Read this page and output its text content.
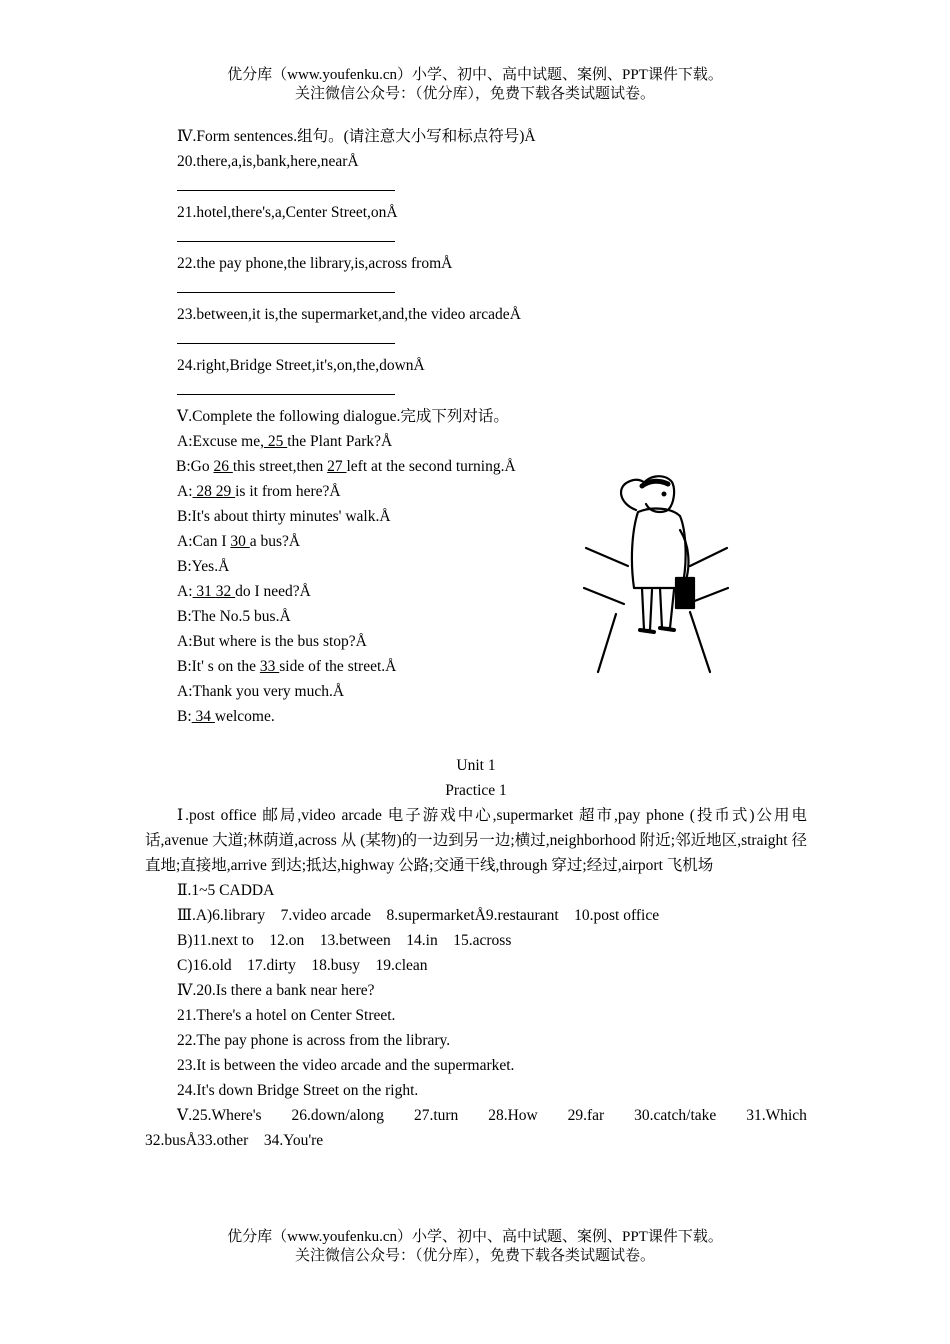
优分库（www.youfenku.cn）小学、初中、高中试题、案例、PPT课件下载。
关注微信公众号：（优分库），免费下载各类试题试卷。
Ⅳ.Form sentences.组句。(请注意大小写和标点符号)Å
20.there,a,is,bank,here,nearÅ
21.hotel,there's,a,Center Street,onÅ
22.the pay phone,the library,is,across fromÅ
23.between,it is,the supermarket,and,the video arcadeÅ
24.right,Bridge Street,it's,on,the,downÅ
Ⅴ.Complete the following dialogue.完成下列对话。
A:Excuse me, 25 the Plant Park?Å
B:Go 26 this street,then 27 left at the second turning.Å
A: 28 29 is it from here?Å
B:It's about thirty minutes' walk.Å
A:Can I 30 a bus?Å
B:Yes.Å
A: 31 32 do I need?Å
B:The No.5 bus.Å
A:But where is the bus stop?Å
B:It' s on the 33 side of the street.Å
A:Thank you very much.Å
B: 34 welcome.
Unit 1
Practice 1
Ⅰ.post office 邮局,video arcade 电子游戏中心,supermarket 超市,pay phone (投币式)公用电话,avenue 大道;林荫道,across 从 (某物)的一边到另一边;横过,neighborhood 附近;邻近地区,straight 径直地;直接地,arrive 到达;抵达,highway 公路;交通干线,through 穿过;经过,airport 飞机场
Ⅱ.1~5 CADDA
Ⅲ.A)6.library    7.video arcade    8.supermarketÅ9.restaurant    10.post office
B)11.next to    12.on    13.between    14.in    15.across
C)16.old    17.dirty    18.busy    19.clean
Ⅳ.20.Is there a bank near here?
21.There's a hotel on Center Street.
22.The pay phone is across from the library.
23.It is between the video arcade and the supermarket.
24.It's down Bridge Street on the right.
Ⅴ.25.Where's 26.down/along 27.turn 28.How 29.far 30.catch/take 31.Which
32.busÅ33.other    34.You're
优分库（www.youfenku.cn）小学、初中、高中试题、案例、PPT课件下载。
关注微信公众号：（优分库），免费下载各类试题试卷。
